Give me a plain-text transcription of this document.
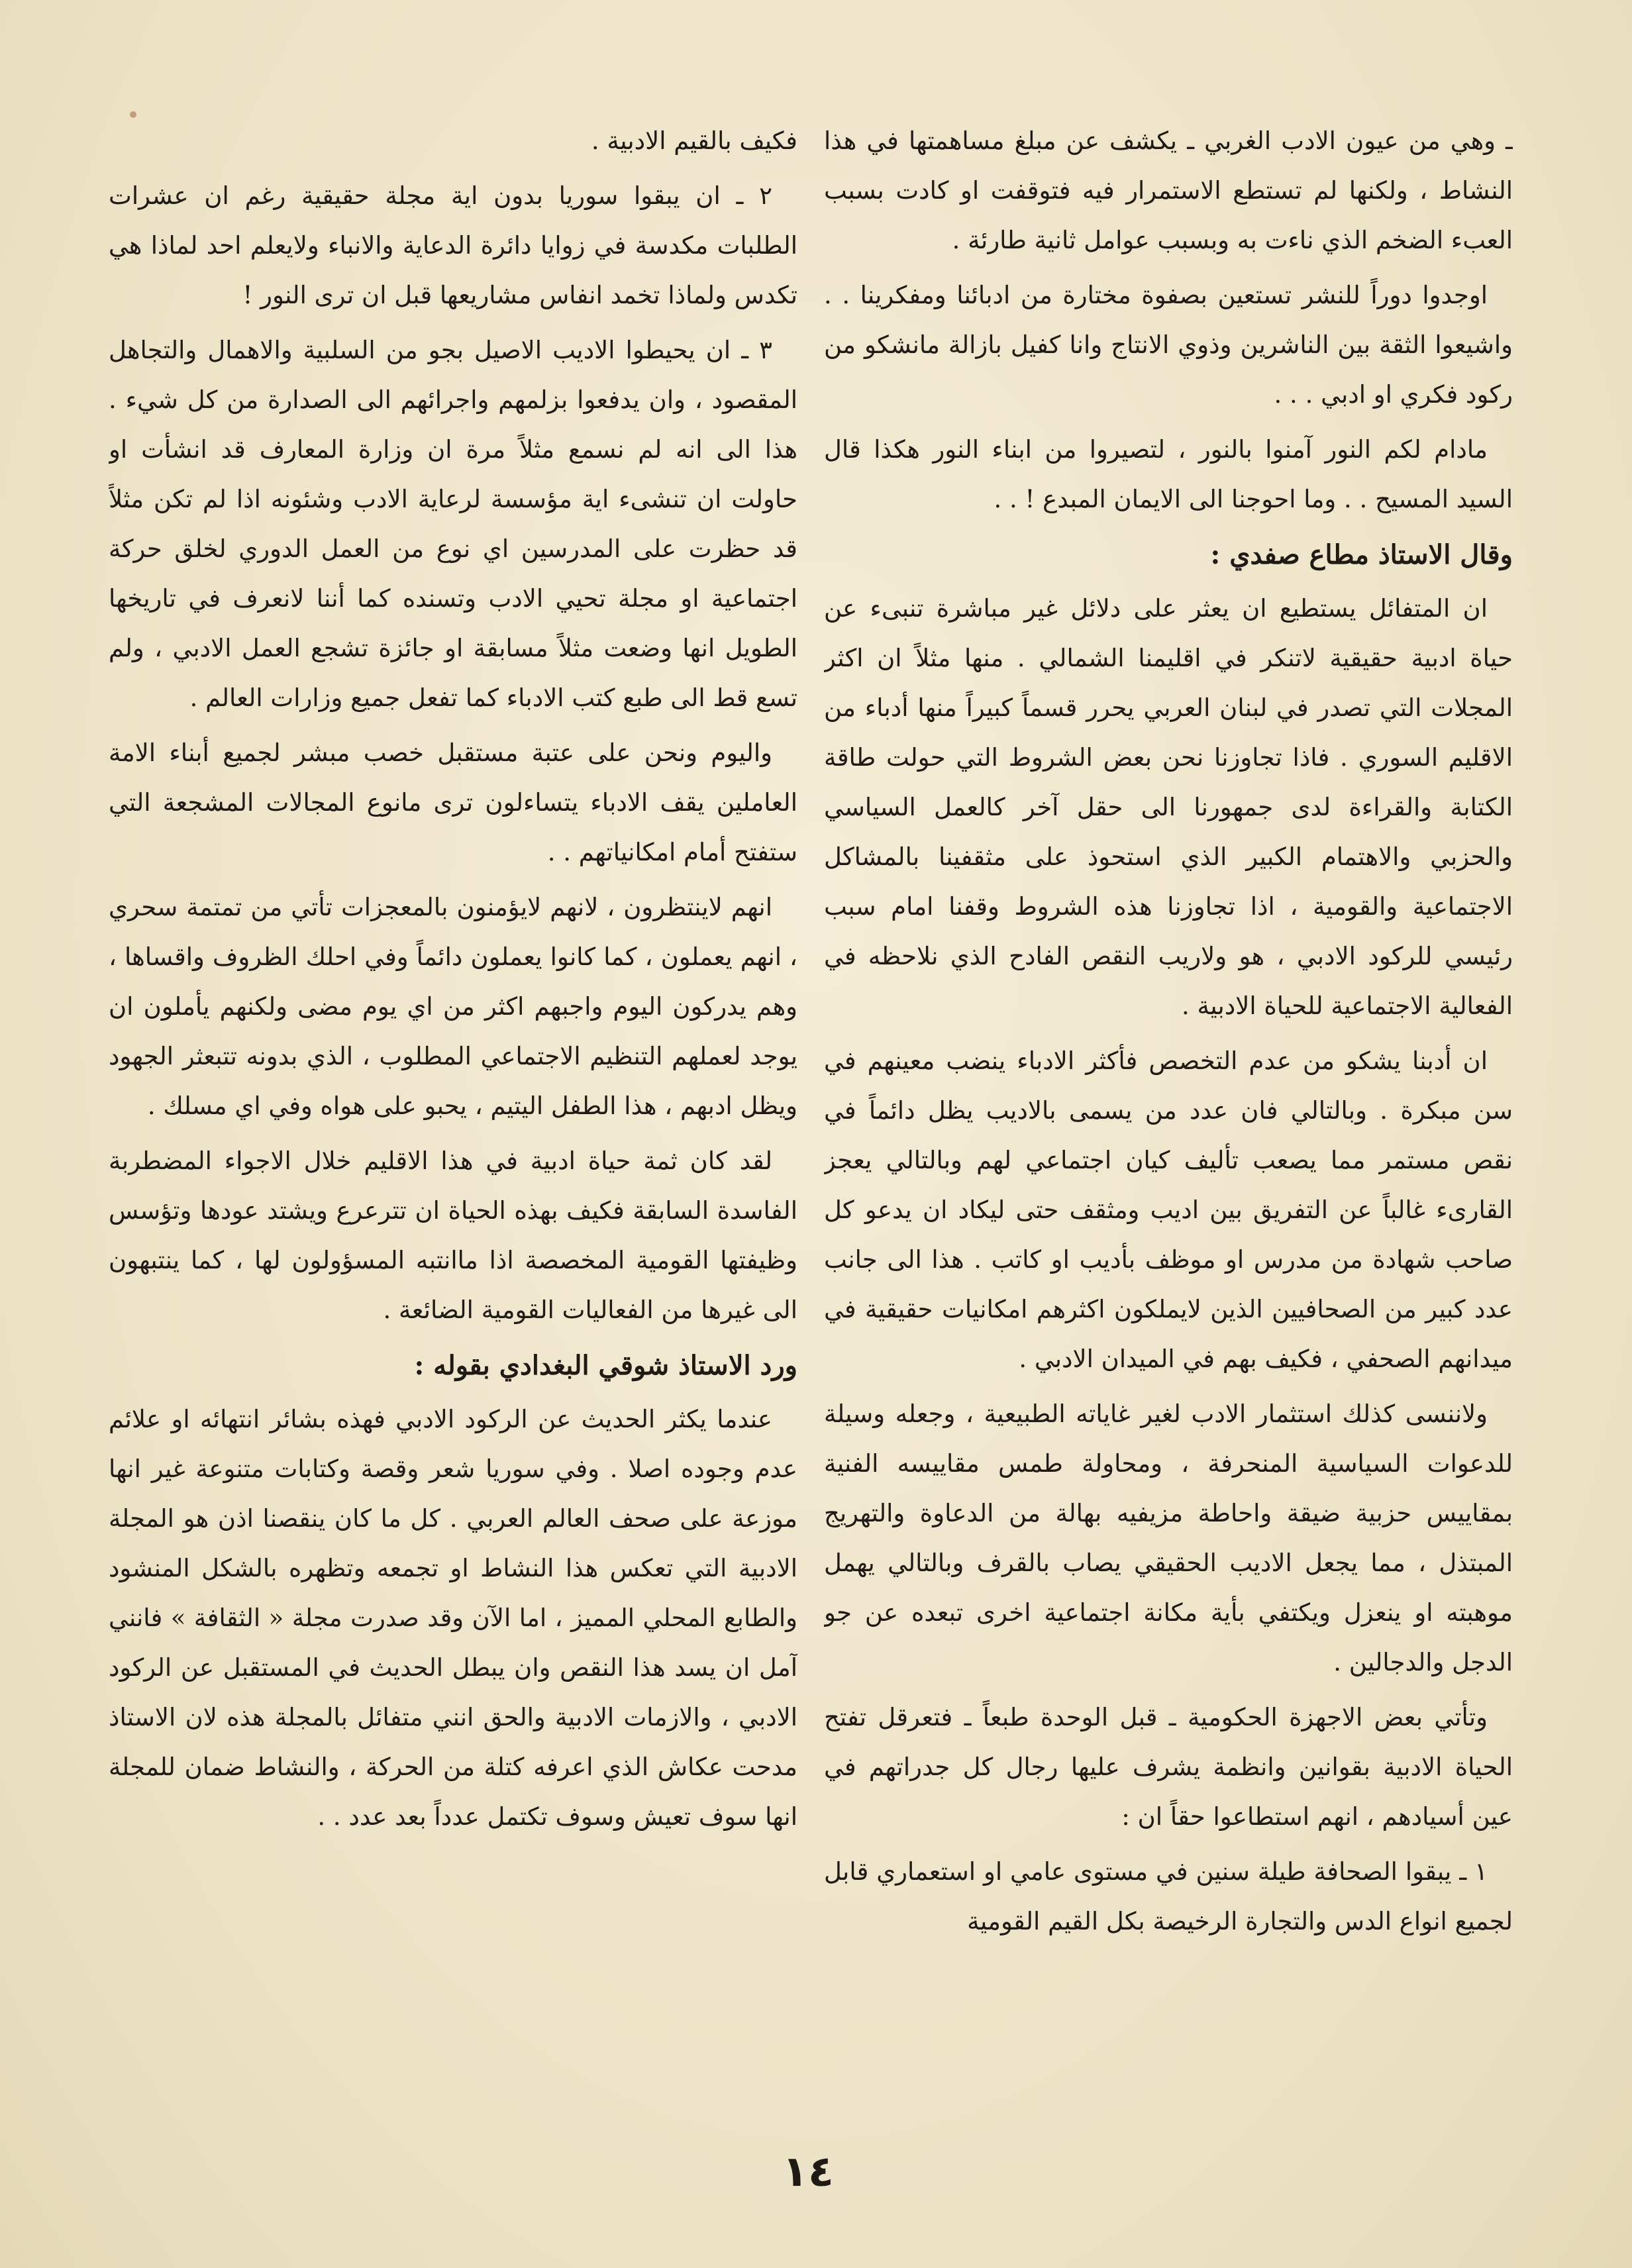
ـ وهي من عيون الادب الغربي ـ يكشف عن مبلغ مساهمتها في هذا النشاط ، ولكنها لم تستطع الاستمرار فيه فتوقفت او كادت بسبب العبء الضخم الذي ناءت به وبسبب عوامل ثانية طارئة .

اوجدوا دوراً للنشر تستعين بصفوة مختارة من ادبائنا ومفكرينا . . واشيعوا الثقة بين الناشرين وذوي الانتاج وانا كفيل بازالة مانشكو من ركود فكري او ادبي . . .

مادام لكم النور آمنوا بالنور ، لتصيروا من ابناء النور هكذا قال السيد المسيح . . وما احوجنا الى الايمان المبدع ! . .

وقال الاستاذ مطاع صفدي :

ان المتفائل يستطيع ان يعثر على دلائل غير مباشرة تنبىء عن حياة ادبية حقيقية لاتنكر في اقليمنا الشمالي . منها مثلاً ان اكثر المجلات التي تصدر في لبنان العربي يحرر قسماً كبيراً منها أدباء من الاقليم السوري . فاذا تجاوزنا نحن بعض الشروط التي حولت طاقة الكتابة والقراءة لدى جمهورنا الى حقل آخر كالعمل السياسي والحزبي والاهتمام الكبير الذي استحوذ على مثقفينا بالمشاكل الاجتماعية والقومية ، اذا تجاوزنا هذه الشروط وقفنا امام سبب رئيسي للركود الادبي ، هو ولاريب النقص الفادح الذي نلاحظه في الفعالية الاجتماعية للحياة الادبية .

ان أدبنا يشكو من عدم التخصص فأكثر الادباء ينضب معينهم في سن مبكرة . وبالتالي فان عدد من يسمى بالاديب يظل دائماً في نقص مستمر مما يصعب تأليف كيان اجتماعي لهم وبالتالي يعجز القارىء غالباً عن التفريق بين اديب ومثقف حتى ليكاد ان يدعو كل صاحب شهادة من مدرس او موظف بأديب او كاتب . هذا الى جانب عدد كبير من الصحافيين الذين لايملكون اكثرهم امكانيات حقيقية في ميدانهم الصحفي ، فكيف بهم في الميدان الادبي .

ولاننسى كذلك استثمار الادب لغير غاياته الطبيعية ، وجعله وسيلة للدعوات السياسية المنحرفة ، ومحاولة طمس مقاييسه الفنية بمقاييس حزبية ضيقة واحاطة مزيفيه بهالة من الدعاوة والتهريج المبتذل ، مما يجعل الاديب الحقيقي يصاب بالقرف وبالتالي يهمل موهبته او ينعزل ويكتفي بأية مكانة اجتماعية اخرى تبعده عن جو الدجل والدجالين .

وتأتي بعض الاجهزة الحكومية ـ قبل الوحدة طبعاً ـ فتعرقل تفتح الحياة الادبية بقوانين وانظمة يشرف عليها رجال كل جدراتهم في عين أسيادهم ، انهم استطاعوا حقاً ان :

١ ـ يبقوا الصحافة طيلة سنين في مستوى عامي او استعماري قابل لجميع انواع الدس والتجارة الرخيصة بكل القيم القومية

فكيف بالقيم الادبية .

٢ ـ ان يبقوا سوريا بدون اية مجلة حقيقية رغم ان عشرات الطلبات مكدسة في زوايا دائرة الدعاية والانباء ولايعلم احد لماذا هي تكدس ولماذا تخمد انفاس مشاريعها قبل ان ترى النور !

٣ ـ ان يحيطوا الاديب الاصيل بجو من السلبية والاهمال والتجاهل المقصود ، وان يدفعوا بزلمهم واجرائهم الى الصدارة من كل شيء . هذا الى انه لم نسمع مثلاً مرة ان وزارة المعارف قد انشأت او حاولت ان تنشىء اية مؤسسة لرعاية الادب وشئونه اذا لم تكن مثلاً قد حظرت على المدرسين اي نوع من العمل الدوري لخلق حركة اجتماعية او مجلة تحيي الادب وتسنده كما أننا لانعرف في تاريخها الطويل انها وضعت مثلاً مسابقة او جائزة تشجع العمل الادبي ، ولم تسع قط الى طبع كتب الادباء كما تفعل جميع وزارات العالم .

واليوم ونحن على عتبة مستقبل خصب مبشر لجميع أبناء الامة العاملين يقف الادباء يتساءلون ترى مانوع المجالات المشجعة التي ستفتح أمام امكانياتهم . .

انهم لاينتظرون ، لانهم لايؤمنون بالمعجزات تأتي من تمتمة سحري ، انهم يعملون ، كما كانوا يعملون دائماً وفي احلك الظروف واقساها ، وهم يدركون اليوم واجبهم اكثر من اي يوم مضى ولكنهم يأملون ان يوجد لعملهم التنظيم الاجتماعي المطلوب ، الذي بدونه تتبعثر الجهود ويظل ادبهم ، هذا الطفل اليتيم ، يحبو على هواه وفي اي مسلك .

لقد كان ثمة حياة ادبية في هذا الاقليم خلال الاجواء المضطربة الفاسدة السابقة فكيف بهذه الحياة ان تترعرع ويشتد عودها وتؤسس وظيفتها القومية المخصصة اذا ماانتبه المسؤولون لها ، كما ينتبهون الى غيرها من الفعاليات القومية الضائعة .

ورد الاستاذ شوقي البغدادي بقوله :

عندما يكثر الحديث عن الركود الادبي فهذه بشائر انتهائه او علائم عدم وجوده اصلا . وفي سوريا شعر وقصة وكتابات متنوعة غير انها موزعة على صحف العالم العربي . كل ما كان ينقصنا اذن هو المجلة الادبية التي تعكس هذا النشاط او تجمعه وتظهره بالشكل المنشود والطابع المحلي المميز ، اما الآن وقد صدرت مجلة « الثقافة » فانني آمل ان يسد هذا النقص وان يبطل الحديث في المستقبل عن الركود الادبي ، والازمات الادبية والحق انني متفائل بالمجلة هذه لان الاستاذ مدحت عكاش الذي اعرفه كتلة من الحركة ، والنشاط ضمان للمجلة انها سوف تعيش وسوف تكتمل عدداً بعد عدد . .

١٤
